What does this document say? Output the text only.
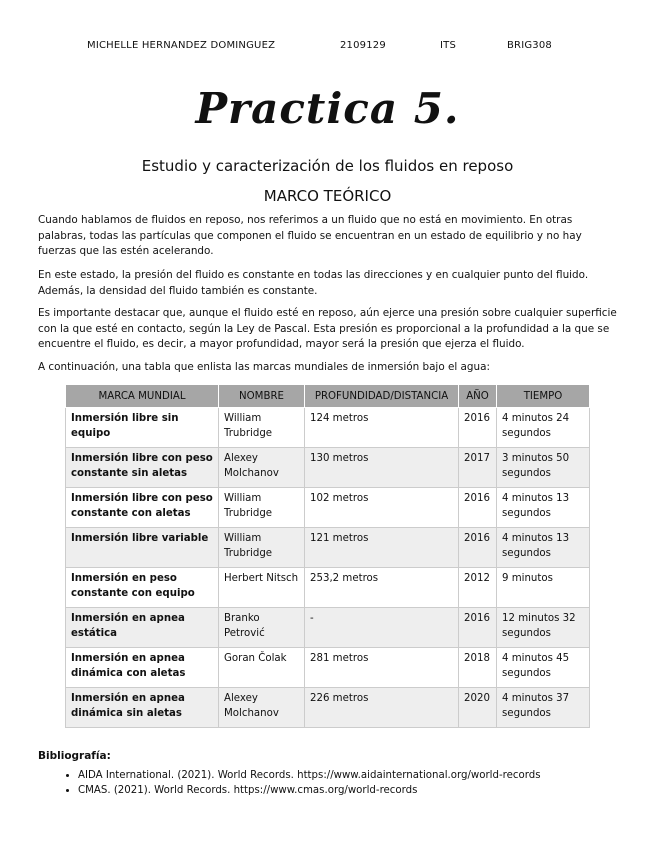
MICHELLE HERNANDEZ DOMINGUEZ	2109129	ITS	BRIG308
Practica 5.
Estudio y caracterización de los fluidos en reposo
MARCO TEÓRICO

Cuando hablamos de fluidos en reposo, nos referimos a un fluido que no está en movimiento. En otras palabras, todas las partículas que componen el fluido se encuentran en un estado de equilibrio y no hay fuerzas que las estén acelerando.

En este estado, la presión del fluido es constante en todas las direcciones y en cualquier punto del fluido. Además, la densidad del fluido también es constante.

Es importante destacar que, aunque el fluido esté en reposo, aún ejerce una presión sobre cualquier superficie con la que esté en contacto, según la Ley de Pascal. Esta presión es proporcional a la profundidad a la que se encuentre el fluido, es decir, a mayor profundidad, mayor será la presión que ejerza el fluido.

A continuación, una tabla que enlista las marcas mundiales de inmersión bajo el agua:

MARCA MUNDIAL	NOMBRE	PROFUNDIDAD/DISTANCIA	AÑO	TIEMPO
Inmersión libre sin equipo	William Trubridge	124 metros	2016	4 minutos 24 segundos
Inmersión libre con peso constante sin aletas	Alexey Molchanov	130 metros	2017	3 minutos 50 segundos
Inmersión libre con peso constante con aletas	William Trubridge	102 metros	2016	4 minutos 13 segundos
Inmersión libre variable	William Trubridge	121 metros	2016	4 minutos 13 segundos
Inmersión en peso constante con equipo	Herbert Nitsch	253,2 metros	2012	9 minutos
Inmersión en apnea estática	Branko Petrović	-	2016	12 minutos 32 segundos
Inmersión en apnea dinámica con aletas	Goran Čolak	281 metros	2018	4 minutos 45 segundos
Inmersión en apnea dinámica sin aletas	Alexey Molchanov	226 metros	2020	4 minutos 37 segundos
Bibliografía:
• AIDA International. (2021). World Records. https://www.aidainternational.org/world-records
• CMAS. (2021). World Records. https://www.cmas.org/world-records
